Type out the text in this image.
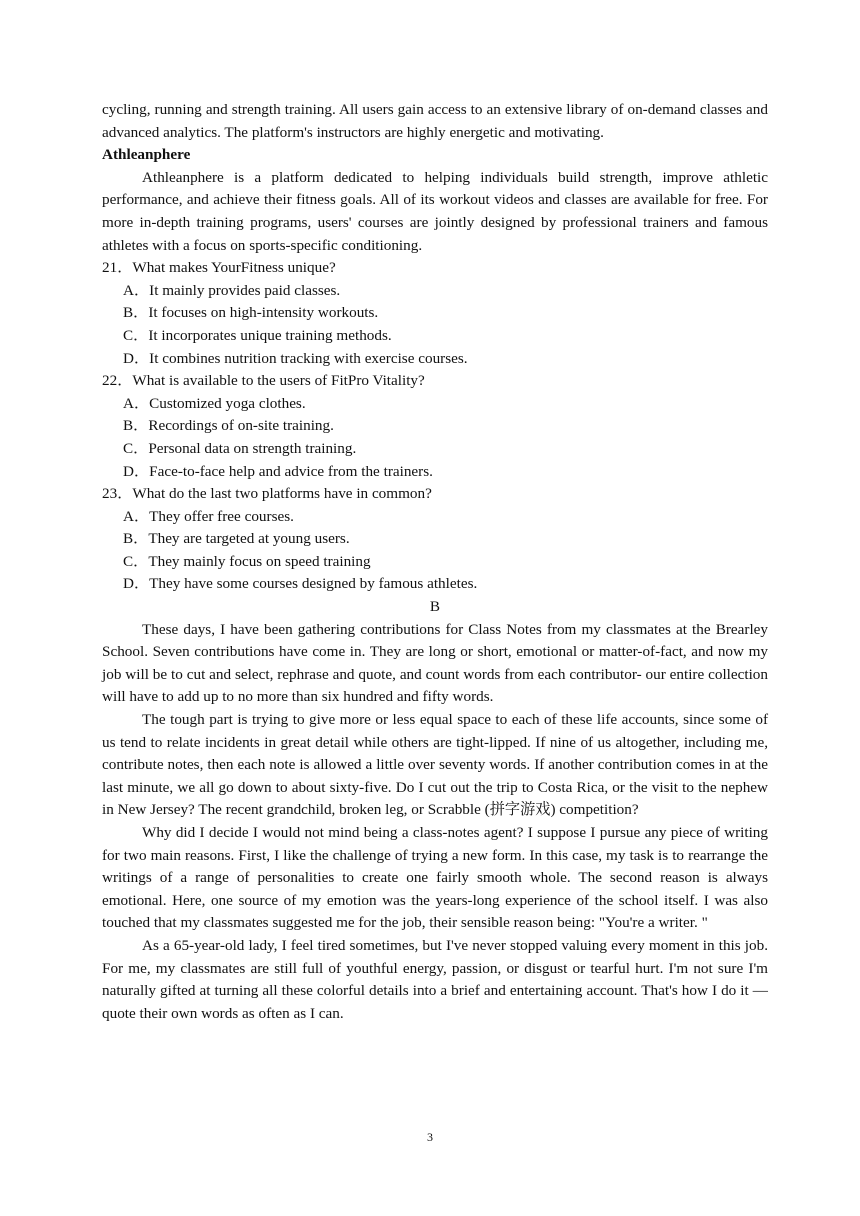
cycling, running and strength training. All users gain access to an extensive library of on-demand classes and advanced analytics. The platform's instructors are highly energetic and motivating.

Athleanphere

Athleanphere is a platform dedicated to helping individuals build strength, improve athletic performance, and achieve their fitness goals. All of its workout videos and classes are available for free. For more in-depth training programs, users' courses are jointly designed by professional trainers and famous athletes with a focus on sports-specific conditioning.

21．What makes YourFitness unique?

A．It mainly provides paid classes.

B．It focuses on high-intensity workouts.

C．It incorporates unique training methods.

D．It combines nutrition tracking with exercise courses.

22．What is available to the users of FitPro Vitality?

A．Customized yoga clothes.

B．Recordings of on-site training.

C．Personal data on strength training.

D．Face-to-face help and advice from the trainers.

23．What do the last two platforms have in common?

A．They offer free courses.

B．They are targeted at young users.

C．They mainly focus on speed training

D．They have some courses designed by famous athletes.

B

These days, I have been gathering contributions for Class Notes from my classmates at the Brearley School. Seven contributions have come in. They are long or short, emotional or matter-of-fact, and now my job will be to cut and select, rephrase and quote, and count words from each contributor- our entire collection will have to add up to no more than six hundred and fifty words.

The tough part is trying to give more or less equal space to each of these life accounts, since some of us tend to relate incidents in great detail while others are tight-lipped. If nine of us altogether, including me, contribute notes, then each note is allowed a little over seventy words. If another contribution comes in at the last minute, we all go down to about sixty-five. Do I cut out the trip to Costa Rica, or the visit to the nephew in New Jersey? The recent grandchild, broken leg, or Scrabble (拼字游戏) competition?

Why did I decide I would not mind being a class-notes agent? I suppose I pursue any piece of writing for two main reasons. First, I like the challenge of trying a new form. In this case, my task is to rearrange the writings of a range of personalities to create one fairly smooth whole. The second reason is always emotional. Here, one source of my emotion was the years-long experience of the school itself. I was also touched that my classmates suggested me for the job, their sensible reason being: "You're a writer. "

As a 65-year-old lady, I feel tired sometimes, but I've never stopped valuing every moment in this job. For me, my classmates are still full of youthful energy, passion, or disgust or tearful hurt. I'm not sure I'm naturally gifted at turning all these colorful details into a brief and entertaining account. That's how I do it — quote their own words as often as I can.

3
